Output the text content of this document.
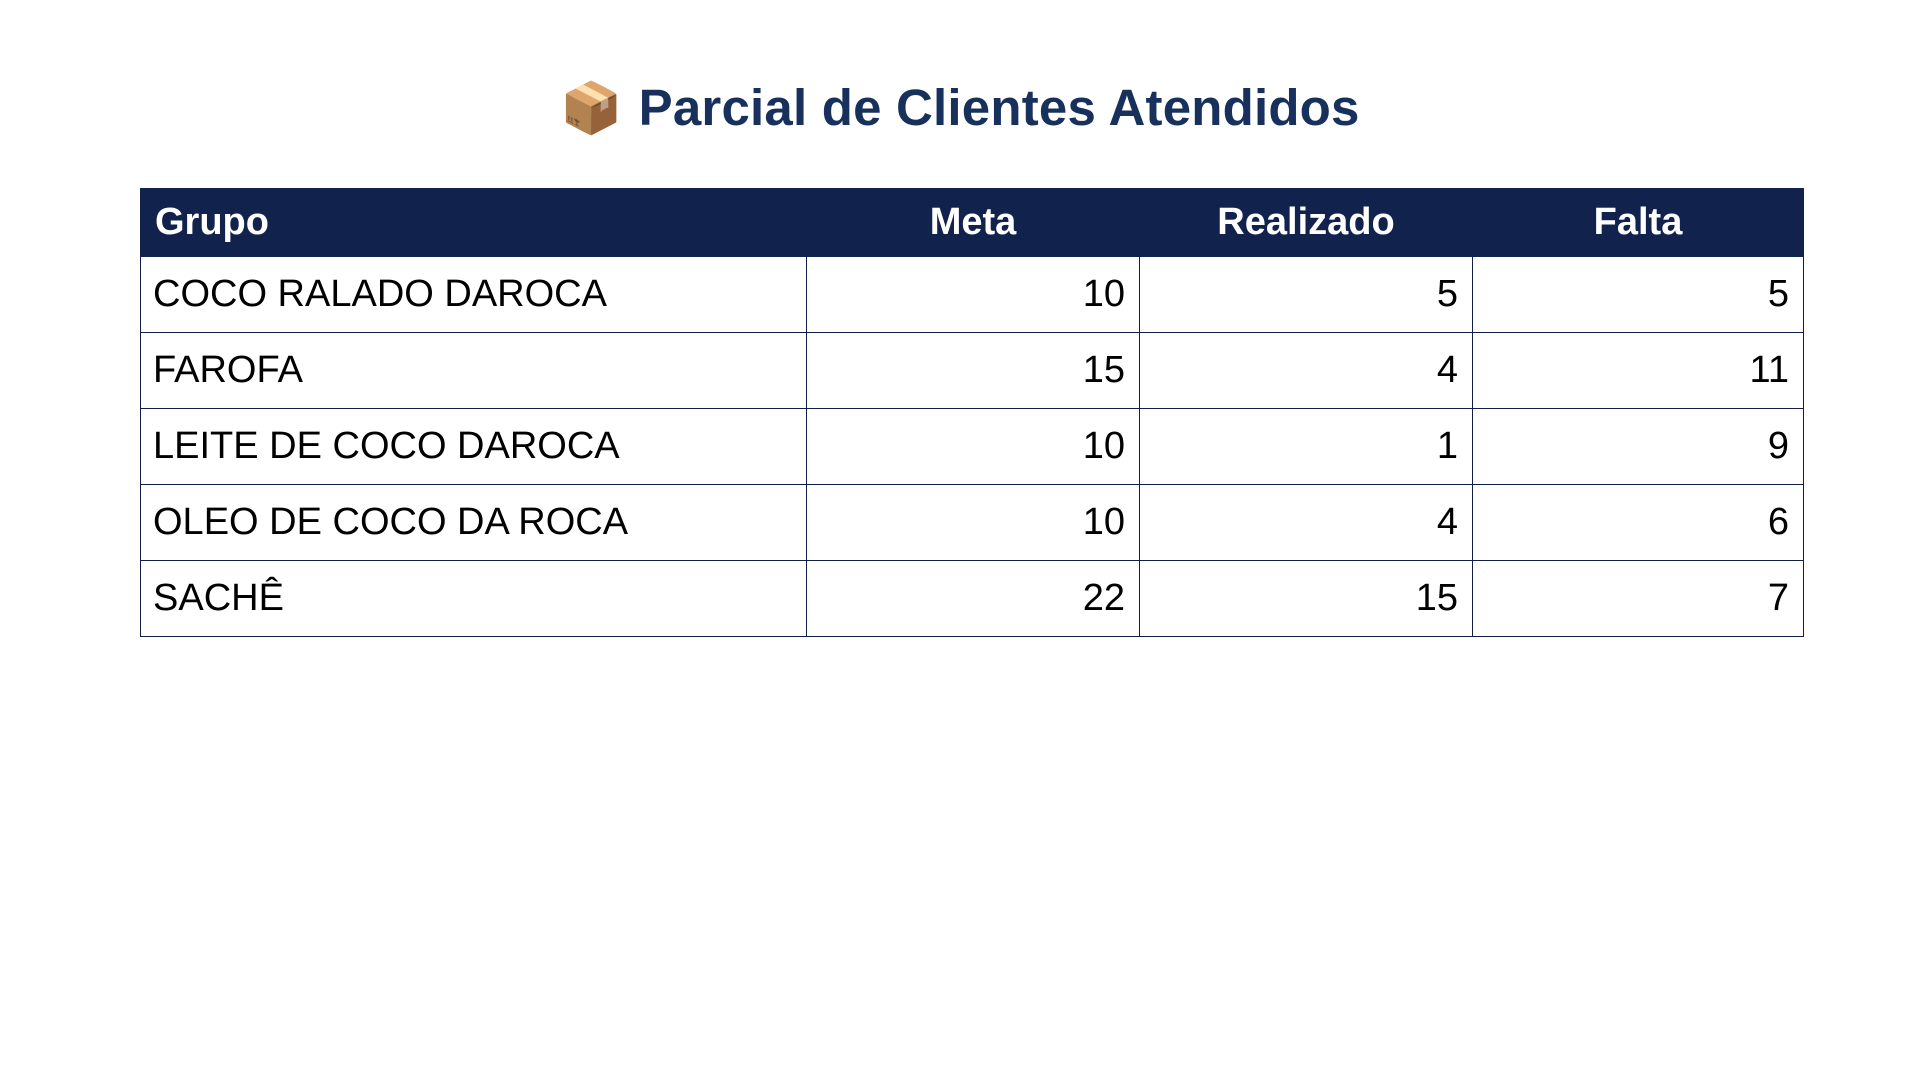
📦 Parcial de Clientes Atendidos
Grupo	Meta	Realizado	Falta
COCO RALADO DAROCA	10	5	5
FAROFA	15	4	11
LEITE DE COCO DAROCA	10	1	9
OLEO DE COCO DA ROCA	10	4	6
SACHÊ	22	15	7
